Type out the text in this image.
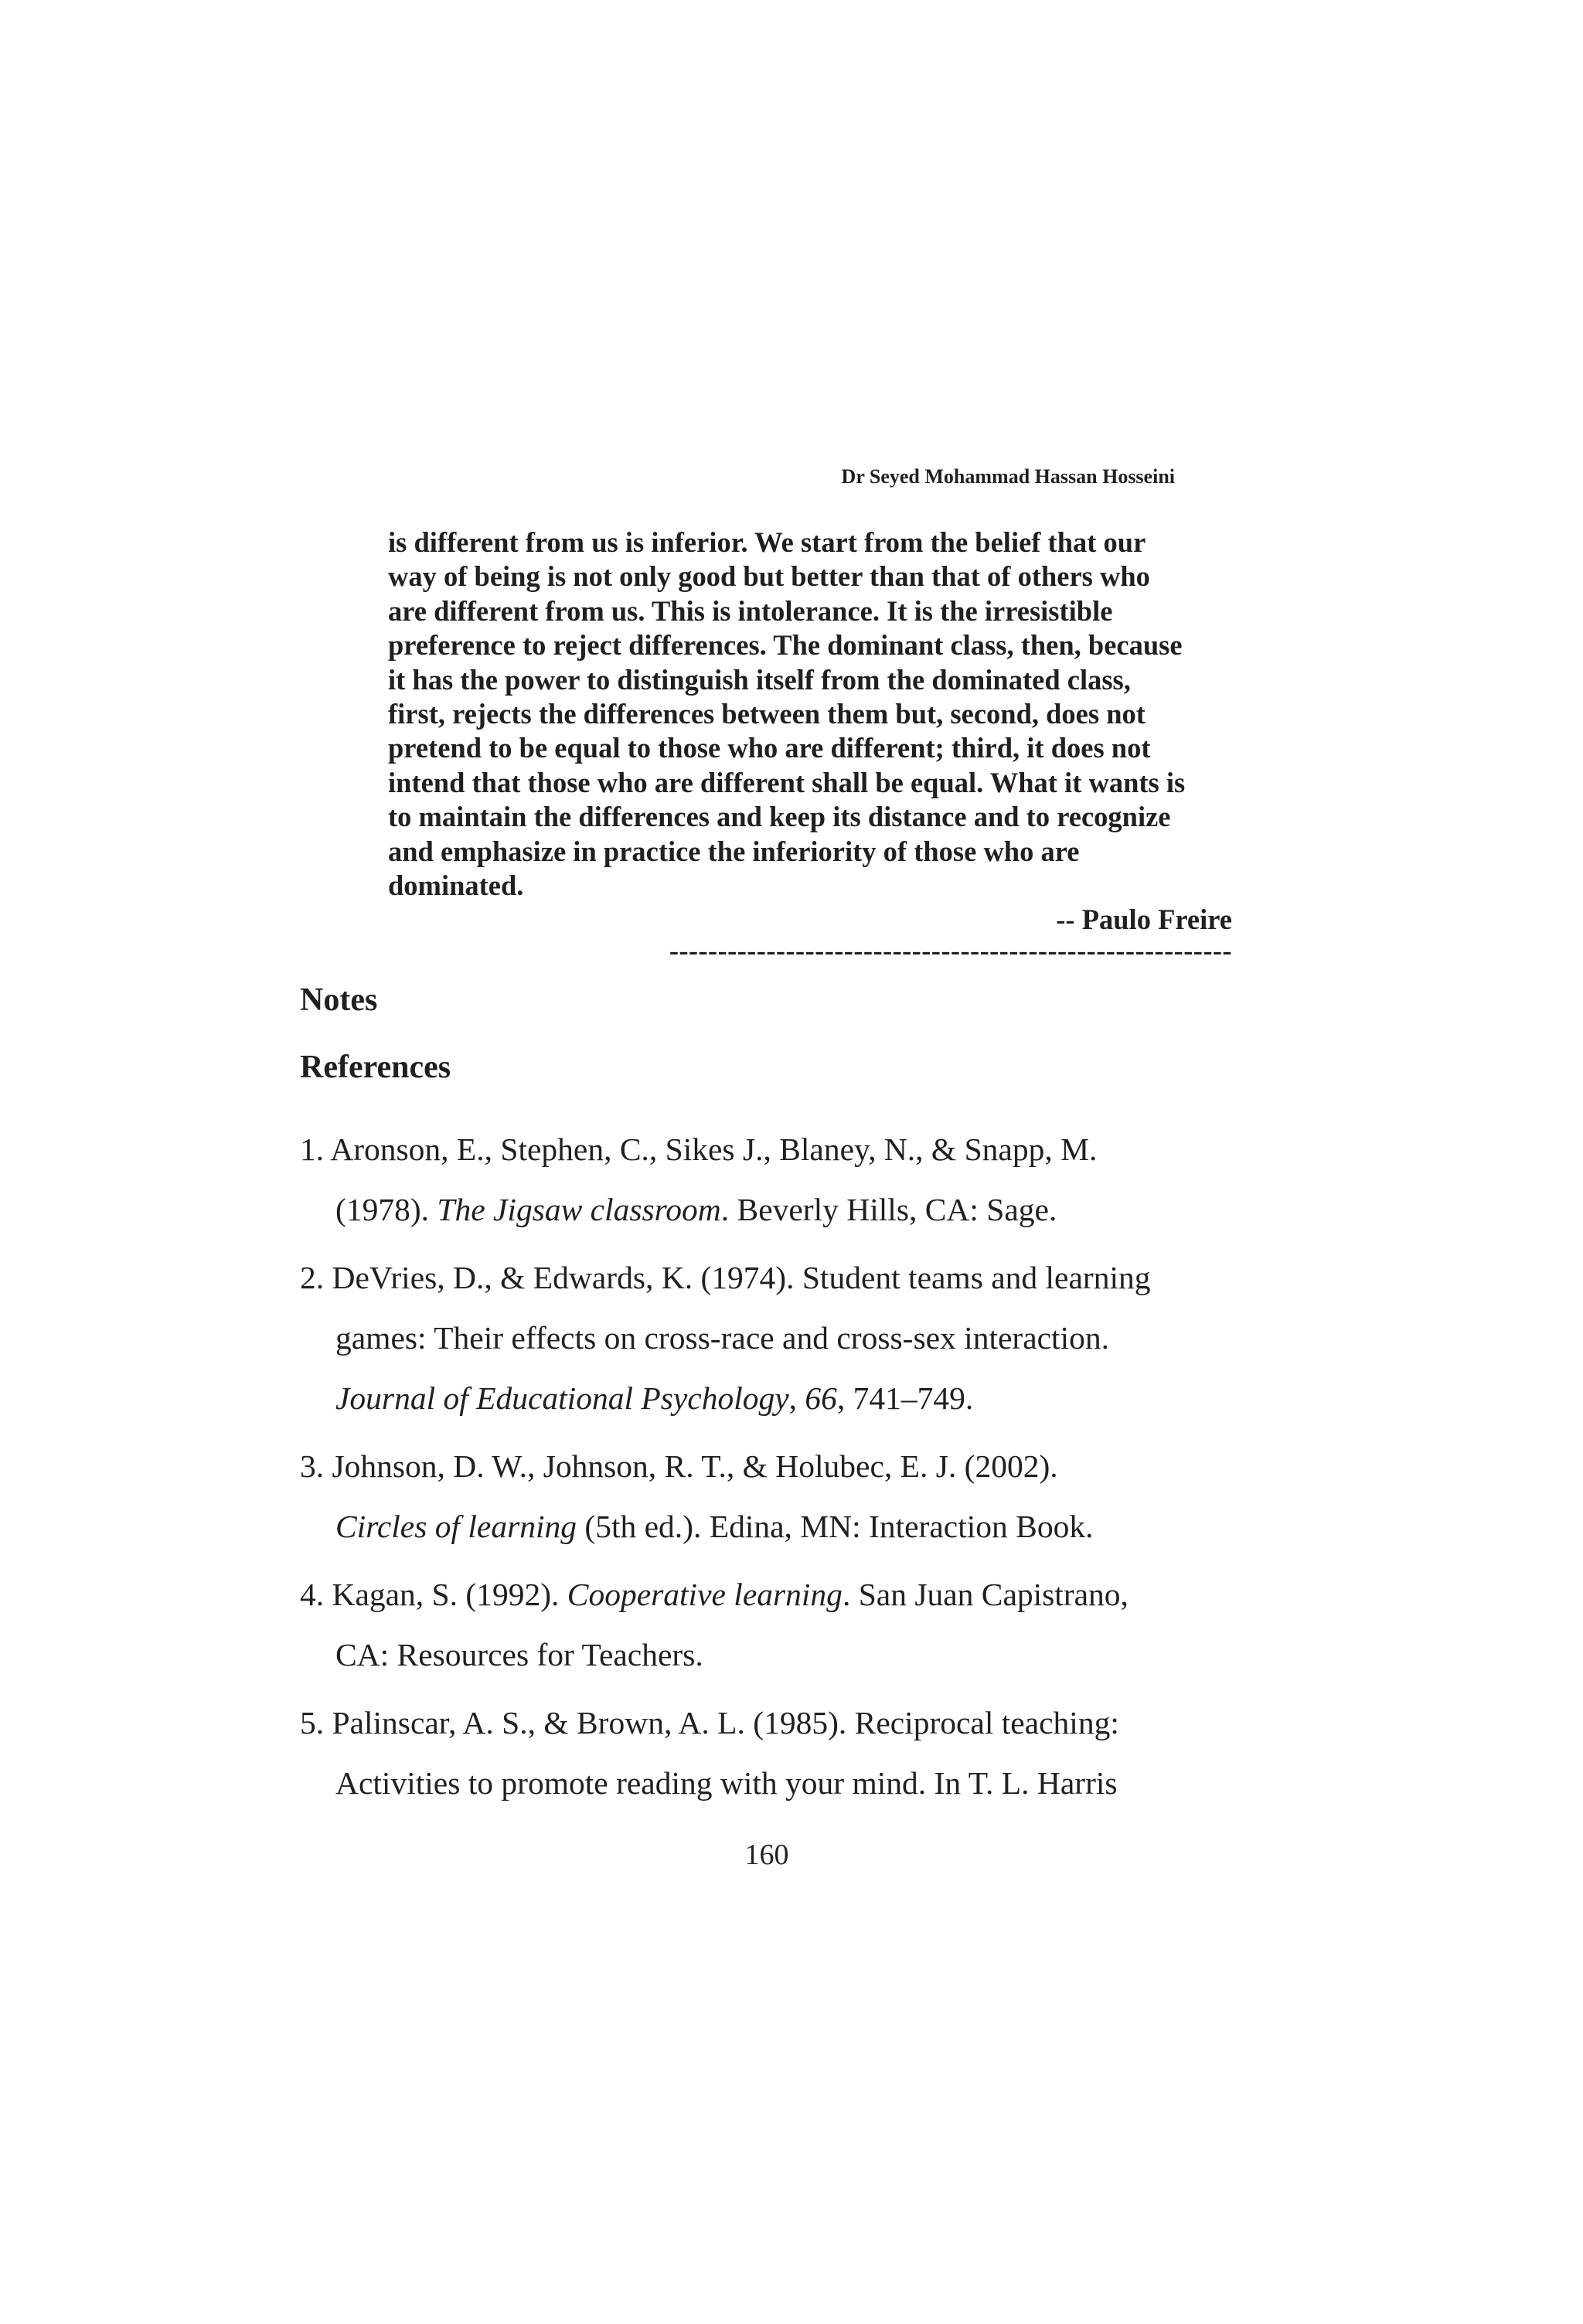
Dr Seyed Mohammad Hassan Hosseini
is different from us is inferior. We start from the belief that our
way of being is not only good but better than that of others who
are different from us. This is intolerance. It is the irresistible
preference to reject differences. The dominant class, then, because
it has the power to distinguish itself from the dominated class,
first, rejects the differences between them but, second, does not
pretend to be equal to those who are different; third, it does not
intend that those who are different shall be equal. What it wants is
to maintain the differences and keep its distance and to recognize
and emphasize in practice the inferiority of those who are
dominated.
-- Paulo Freire
----------------------------------------------------------
Notes
References
1. Aronson, E., Stephen, C., Sikes J., Blaney, N., & Snapp, M.
(1978). The Jigsaw classroom. Beverly Hills, CA: Sage.
2. DeVries, D., & Edwards, K. (1974). Student teams and learning
games: Their effects on cross-race and cross-sex interaction.
Journal of Educational Psychology, 66, 741–749.
3. Johnson, D. W., Johnson, R. T., & Holubec, E. J. (2002).
Circles of learning (5th ed.). Edina, MN: Interaction Book.
4. Kagan, S. (1992). Cooperative learning. San Juan Capistrano,
CA: Resources for Teachers.
5. Palinscar, A. S., & Brown, A. L. (1985). Reciprocal teaching:
Activities to promote reading with your mind. In T. L. Harris
160
